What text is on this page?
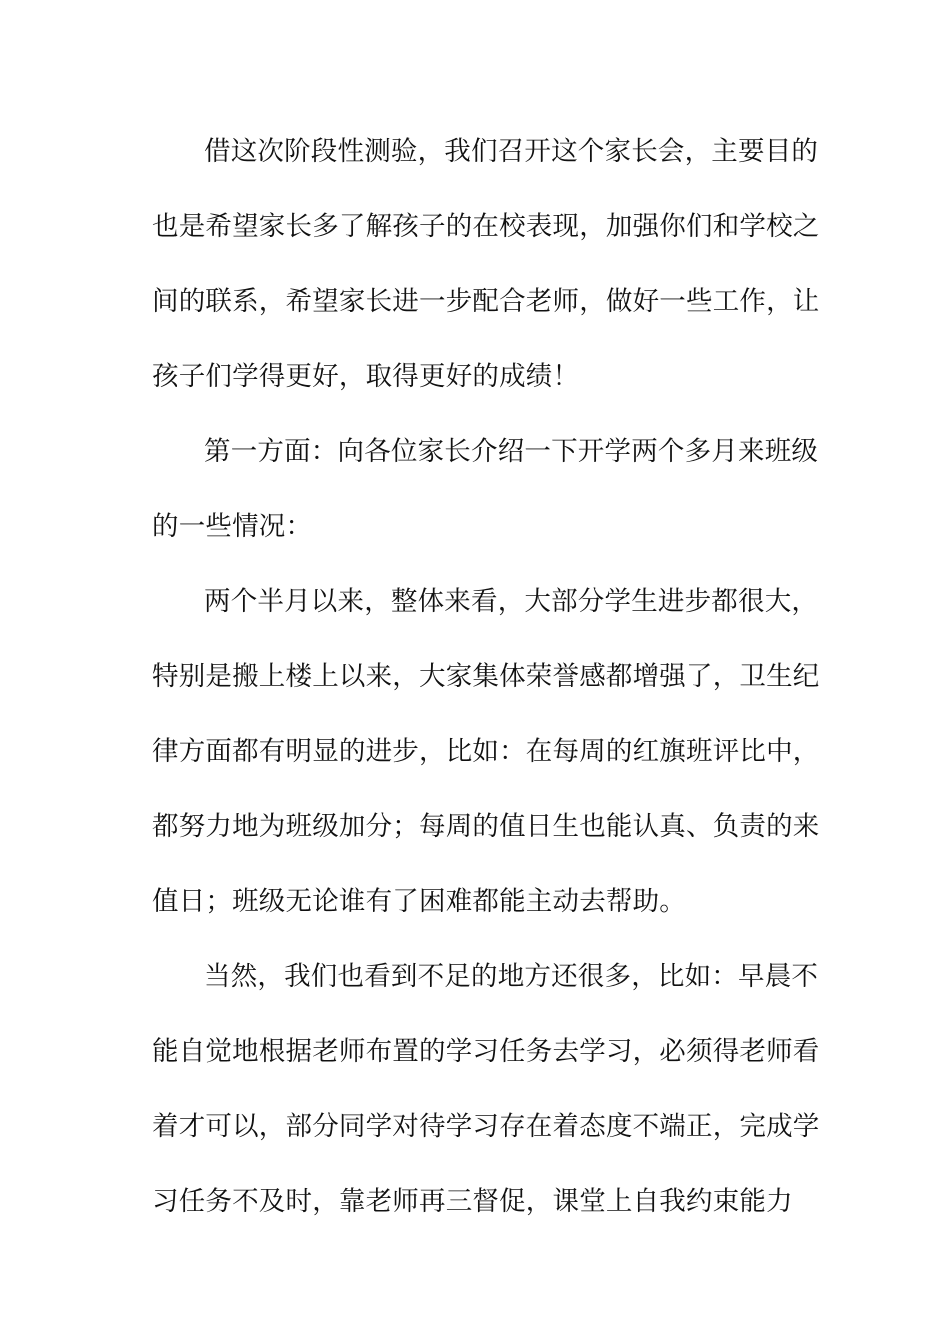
借这次阶段性测验，我们召开这个家长会，主要目的
也是希望家长多了解孩子的在校表现，加强你们和学校之
间的联系，希望家长进一步配合老师，做好一些工作，让
孩子们学得更好，取得更好的成绩！
第一方面：向各位家长介绍一下开学两个多月来班级
的一些情况：
两个半月以来，整体来看，大部分学生进步都很大，
特别是搬上楼上以来，大家集体荣誉感都增强了，卫生纪
律方面都有明显的进步，比如：在每周的红旗班评比中，
都努力地为班级加分；每周的值日生也能认真、负责的来
值日；班级无论谁有了困难都能主动去帮助。
当然，我们也看到不足的地方还很多，比如：早晨不
能自觉地根据老师布置的学习任务去学习，必须得老师看
着才可以，部分同学对待学习存在着态度不端正，完成学
习任务不及时，靠老师再三督促，课堂上自我约束能力
